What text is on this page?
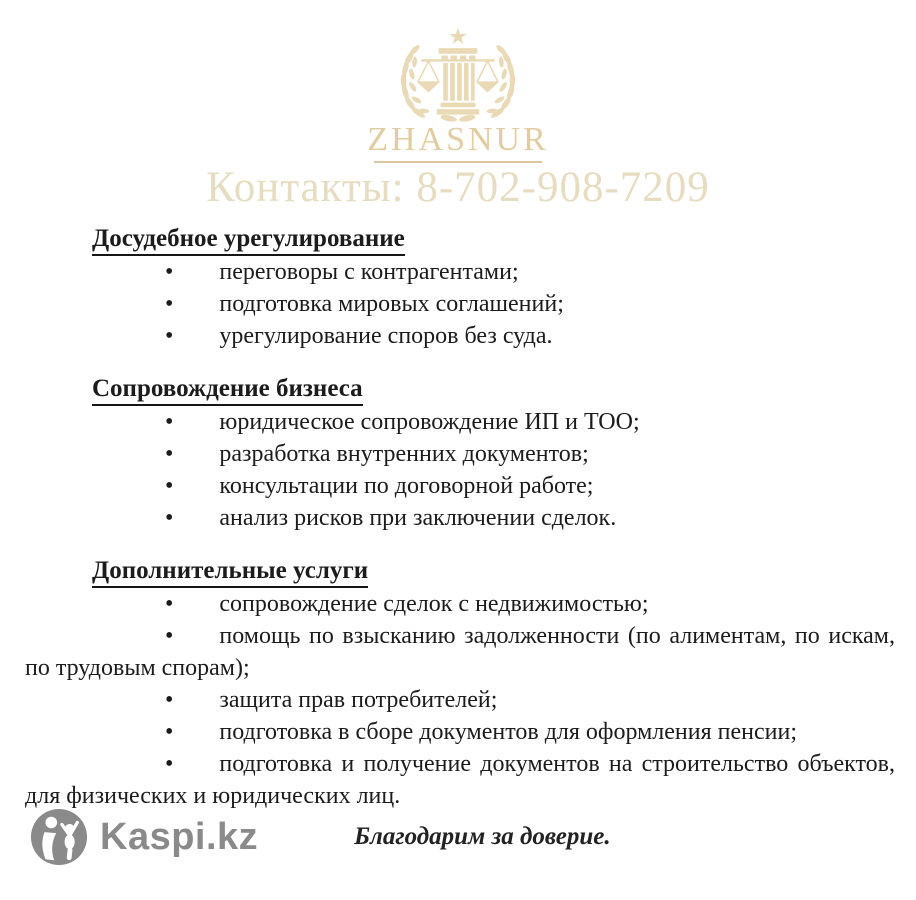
ZHASNUR
Контакты: 8-702-908-7209
Досудебное урегулирование

• переговоры с контрагентами;

• подготовка мировых соглашений;

• урегулирование споров без суда.

Сопровождение бизнеса

• юридическое сопровождение ИП и ТОО;

• разработка внутренних документов;

• консультации по договорной работе;

• анализ рисков при заключении сделок.

Дополнительные услуги

• сопровождение сделок с недвижимостью;

• помощь по взысканию задолженности (по алиментам, по искам, по трудовым спорам);

• защита прав потребителей;

• подготовка в сборе документов для оформления пенсии;

• подготовка и получение документов на строительство объектов, для физических и юридических лиц.

Kaspi.kz	Благодарим за доверие.
